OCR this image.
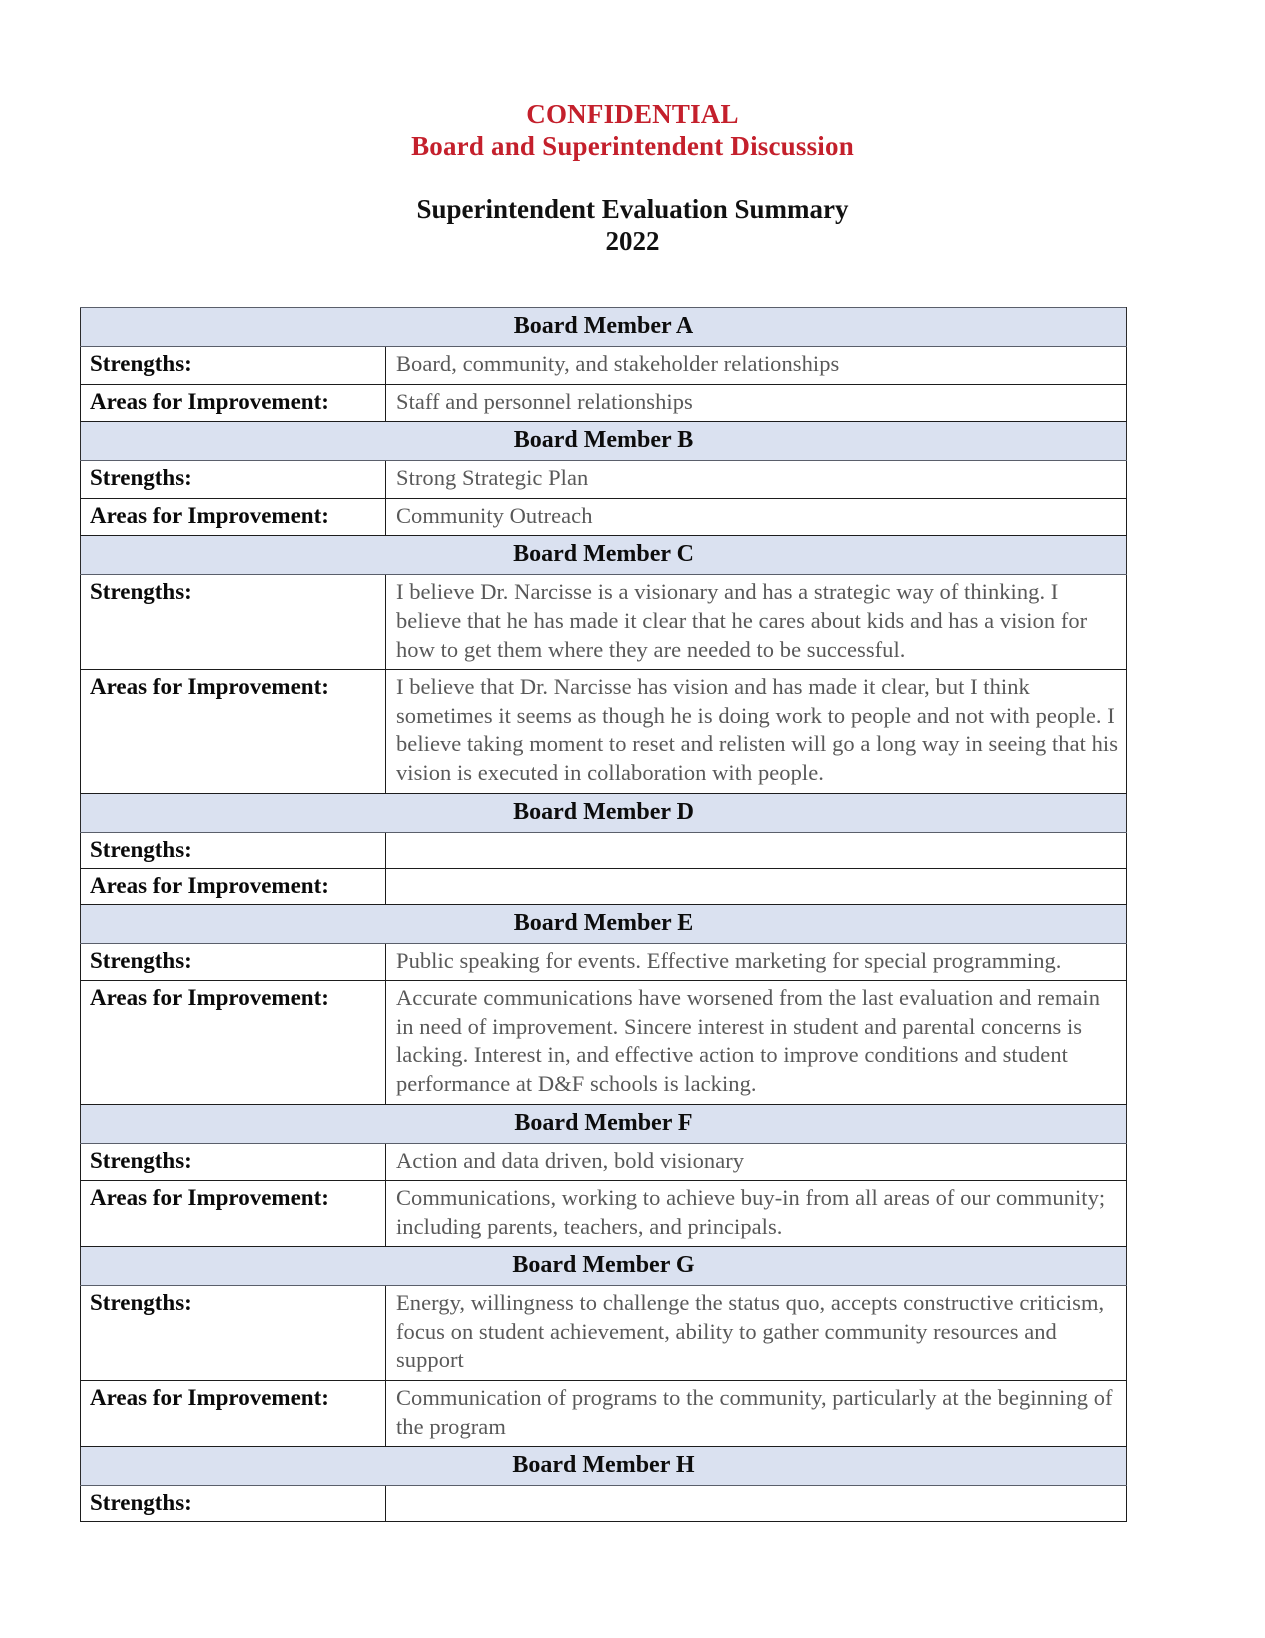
CONFIDENTIAL
Board and Superintendent Discussion
Superintendent Evaluation Summary
2022
Board Member A	
Strengths:	Board, community, and stakeholder relationships
Areas for Improvement:	Staff and personnel relationships
Board Member B	
Strengths:	Strong Strategic Plan
Areas for Improvement:	Community Outreach
Board Member C	
Strengths:	I believe Dr. Narcisse is a visionary and has a strategic way of thinking. I believe that he has made it clear that he cares about kids and has a vision for how to get them where they are needed to be successful.
Areas for Improvement:	I believe that Dr. Narcisse has vision and has made it clear, but I think sometimes it seems as though he is doing work to people and not with people. I believe taking moment to reset and relisten will go a long way in seeing that his vision is executed in collaboration with people.
Board Member D	
Strengths:	
Areas for Improvement:	
Board Member E	
Strengths:	Public speaking for events. Effective marketing for special programming.
Areas for Improvement:	Accurate communications have worsened from the last evaluation and remain in need of improvement. Sincere interest in student and parental concerns is lacking. Interest in, and effective action to improve conditions and student performance at D&F schools is lacking.
Board Member F	
Strengths:	Action and data driven, bold visionary
Areas for Improvement:	Communications, working to achieve buy-in from all areas of our community; including parents, teachers, and principals.
Board Member G	
Strengths:	Energy, willingness to challenge the status quo, accepts constructive criticism, focus on student achievement, ability to gather community resources and support
Areas for Improvement:	Communication of programs to the community, particularly at the beginning of the program
Board Member H	
Strengths:	
